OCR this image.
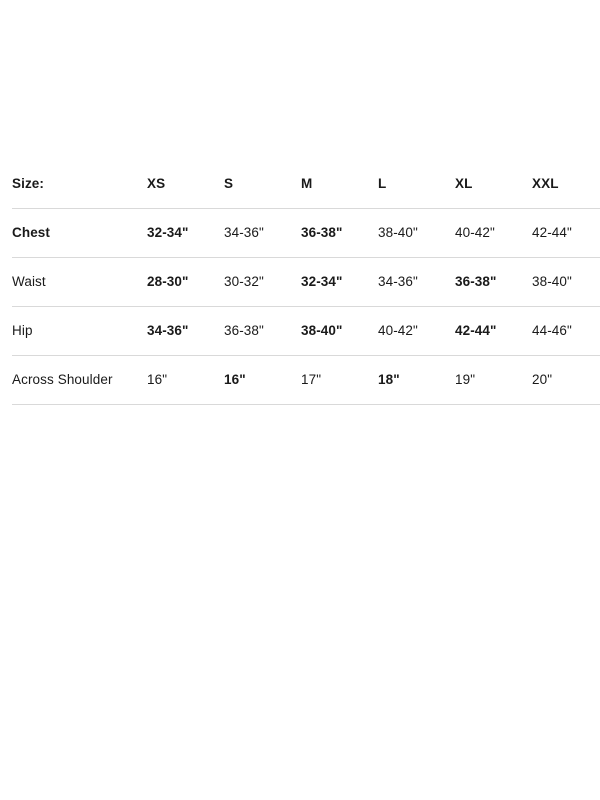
Size:	XS	S	M	L	XL	XXL
Chest	32-34"	34-36"	36-38"	38-40"	40-42"	42-44"
Waist	28-30"	30-32"	32-34"	34-36"	36-38"	38-40"
Hip	34-36"	36-38"	38-40"	40-42"	42-44"	44-46"
Across Shoulder	16"	16"	17"	18"	19"	20"
